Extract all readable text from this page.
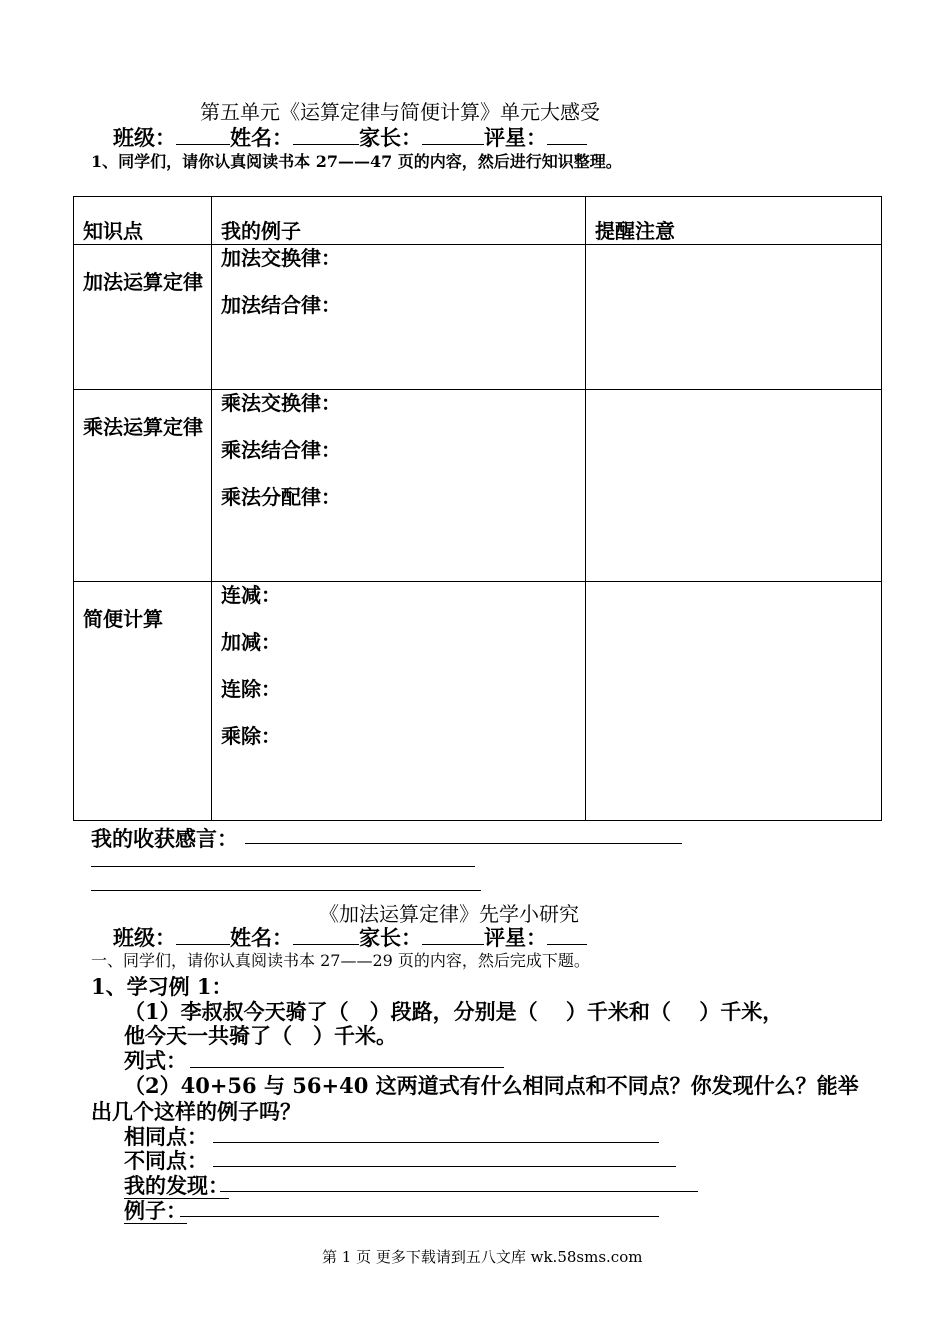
第五单元《运算定律与简便计算》单元大感受
班级：	姓名：	家长：	评星：
1、同学们，请你认真阅读书本 27——47 页的内容，然后进行知识整理。
知识点	我的例子	提醒注意

加法运算定律	加法交换律：

加法结合律：	

乘法运算定律	乘法交换律：

乘法结合律：

乘法分配律：	

简便计算	连减：

加减：

连除：

乘除：	

我的收获感言：
《加法运算定律》先学小研究
班级：	姓名：	家长：	评星：
一、同学们，请你认真阅读书本 27——29 页的内容，然后完成下题。
1、学习例 1：
（1）李叔叔今天骑了（　）段路，分别是（　 ）千米和（　 ）千米，
他今天一共骑了（　）千米。
列式：
（2）40+56 与 56+40 这两道式有什么相同点和不同点？你发现什么？能举
出几个这样的例子吗？
相同点：
不同点：
我的发现：
例子：
第 1 页 更多下载请到五八文库 wk.58sms.com
